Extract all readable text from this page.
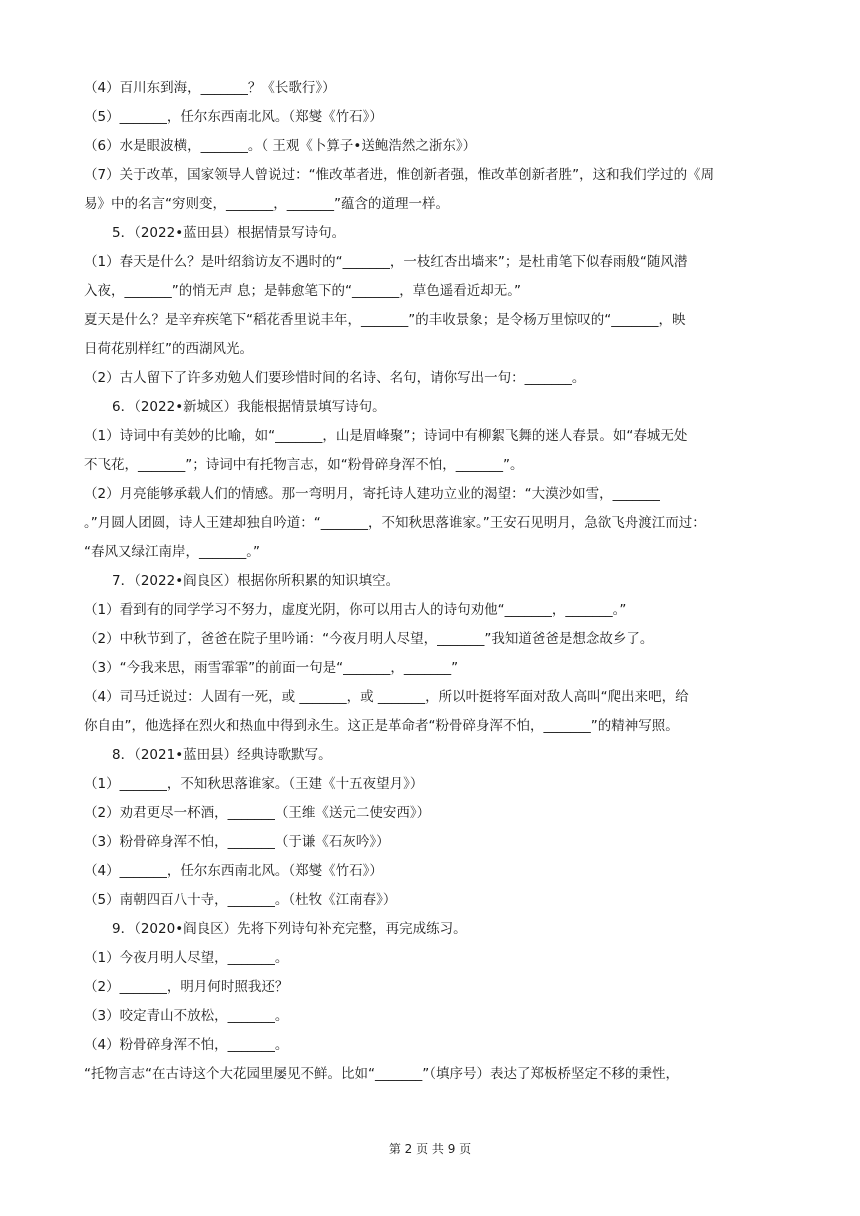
（4）百川东到海，_______？《长歌行》）
（5）_______，任尔东西南北风。（郑燮《竹石》）
（6）水是眼波横，_______。（ 王观《卜算子•送鲍浩然之浙东》）
（7）关于改革，国家领导人曾说过：“惟改革者进，惟创新者强，惟改革创新者胜”，这和我们学过的《周
易》中的名言“穷则变，_______，_______”蕴含的道理一样。
5．（2022•蓝田县）根据情景写诗句。
（1）春天是什么？是叶绍翁访友不遇时的“_______，一枝红杏出墙来”；是杜甫笔下似春雨般“随风潜
入夜，_______”的悄无声 息；是韩愈笔下的“_______，草色遥看近却无。”
夏天是什么？是辛弃疾笔下“稻花香里说丰年，_______”的丰收景象；是令杨万里惊叹的“_______，映
日荷花别样红”的西湖风光。
（2）古人留下了许多劝勉人们要珍惜时间的名诗、名句，请你写出一句：_______。
6．（2022•新城区）我能根据情景填写诗句。
（1）诗词中有美妙的比喻，如“_______，山是眉峰聚”；诗词中有柳絮飞舞的迷人春景。如“春城无处
不飞花，_______”；诗词中有托物言志，如“粉骨碎身浑不怕，_______”。
（2）月亮能够承载人们的情感。那一弯明月，寄托诗人建功立业的渴望：“大漠沙如雪，_______
。”月圆人团圆，诗人王建却独自吟道：“_______，不知秋思落谁家。”王安石见明月，急欲飞舟渡江而过：
“春风又绿江南岸，_______。”
7．（2022•阎良区）根据你所积累的知识填空。
（1）看到有的同学学习不努力，虚度光阴，你可以用古人的诗句劝他“_______，_______。”
（2）中秋节到了，爸爸在院子里吟诵：“今夜月明人尽望，_______”我知道爸爸是想念故乡了。
（3）“今我来思，雨雪霏霏”的前面一句是“_______，_______”
（4）司马迁说过：人固有一死，或 _______，或 _______，所以叶挺将军面对敌人高叫“爬出来吧，给
你自由”，他选择在烈火和热血中得到永生。这正是革命者“粉骨碎身浑不怕，_______”的精神写照。
8．（2021•蓝田县）经典诗歌默写。
（1）_______，不知秋思落谁家。（王建《十五夜望月》）
（2）劝君更尽一杯酒，_______（王维《送元二使安西》）
（3）粉骨碎身浑不怕，_______（于谦《石灰吟》）
（4）_______，任尔东西南北风。（郑燮《竹石》）
（5）南朝四百八十寺，_______。（杜牧《江南春》）
9．（2020•阎良区）先将下列诗句补充完整，再完成练习。
（1）今夜月明人尽望，_______。
（2）_______，明月何时照我还？
（3）咬定青山不放松，_______。
（4）粉骨碎身浑不怕，_______。
“托物言志“在古诗这个大花园里屡见不鲜。比如“_______”（填序号）表达了郑板桥坚定不移的秉性，
第 2 页 共 9 页
